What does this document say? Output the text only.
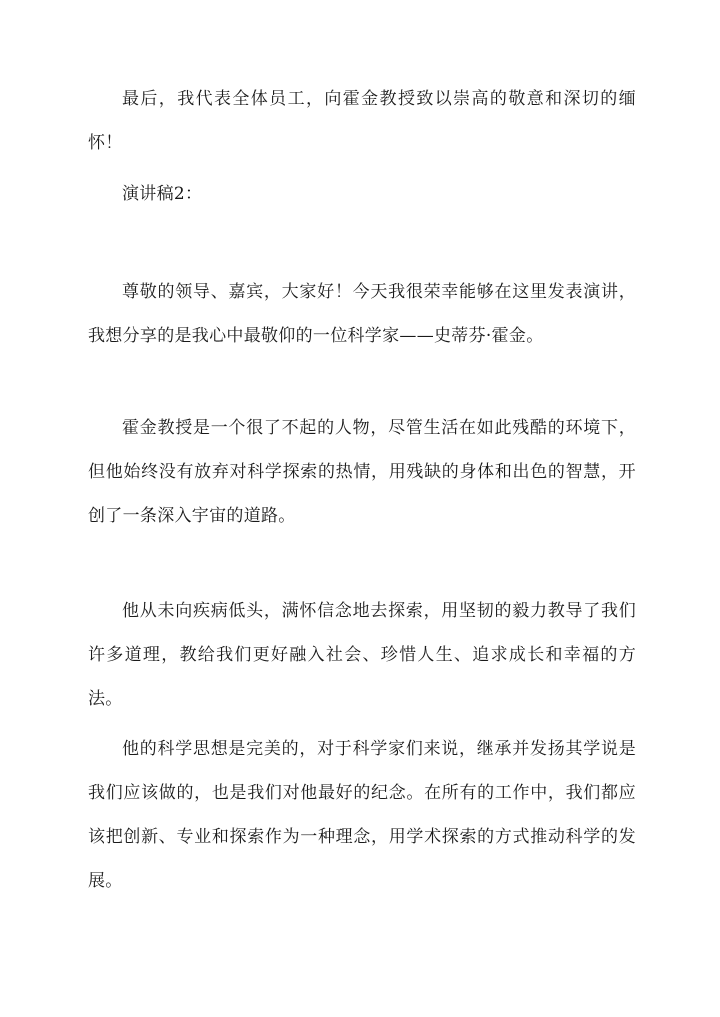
最后，我代表全体员工，向霍金教授致以崇高的敬意和深切的缅怀！

演讲稿2：

尊敬的领导、嘉宾，大家好！今天我很荣幸能够在这里发表演讲，我想分享的是我心中最敬仰的一位科学家——史蒂芬·霍金。

霍金教授是一个很了不起的人物，尽管生活在如此残酷的环境下，但他始终没有放弃对科学探索的热情，用残缺的身体和出色的智慧，开创了一条深入宇宙的道路。

他从未向疾病低头，满怀信念地去探索，用坚韧的毅力教导了我们许多道理，教给我们更好融入社会、珍惜人生、追求成长和幸福的方法。

他的科学思想是完美的，对于科学家们来说，继承并发扬其学说是我们应该做的，也是我们对他最好的纪念。在所有的工作中，我们都应该把创新、专业和探索作为一种理念，用学术探索的方式推动科学的发展。
